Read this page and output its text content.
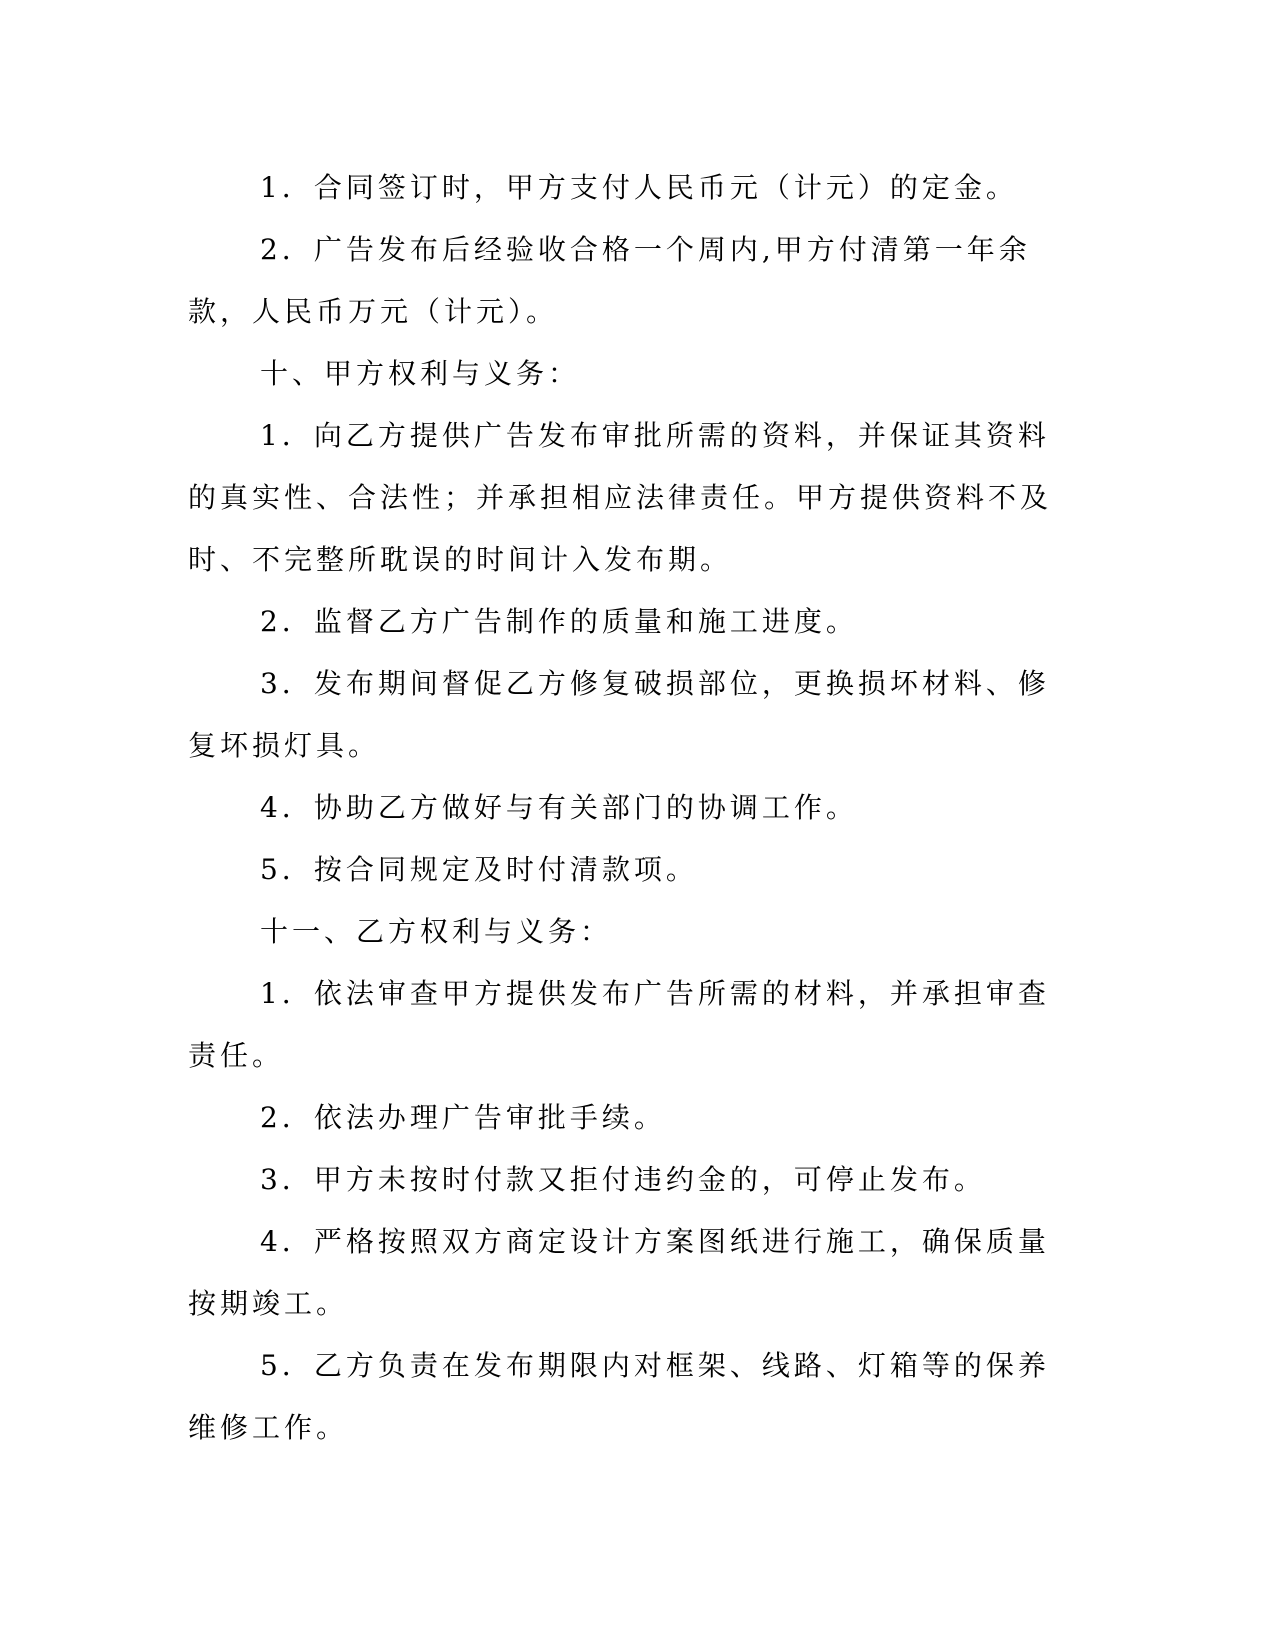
1．合同签订时，甲方支付人民币元（计元）的定金。

2．广告发布后经验收合格一个周内,甲方付清第一年余款，人民币万元（计元）。

十、甲方权利与义务：

1．向乙方提供广告发布审批所需的资料，并保证其资料的真实性、合法性；并承担相应法律责任。甲方提供资料不及时、不完整所耽误的时间计入发布期。

2．监督乙方广告制作的质量和施工进度。

3．发布期间督促乙方修复破损部位，更换损坏材料、修复坏损灯具。

4．协助乙方做好与有关部门的协调工作。

5．按合同规定及时付清款项。

十一、乙方权利与义务：

1．依法审查甲方提供发布广告所需的材料，并承担审查责任。

2．依法办理广告审批手续。

3．甲方未按时付款又拒付违约金的，可停止发布。

4．严格按照双方商定设计方案图纸进行施工，确保质量按期竣工。

5．乙方负责在发布期限内对框架、线路、灯箱等的保养维修工作。
